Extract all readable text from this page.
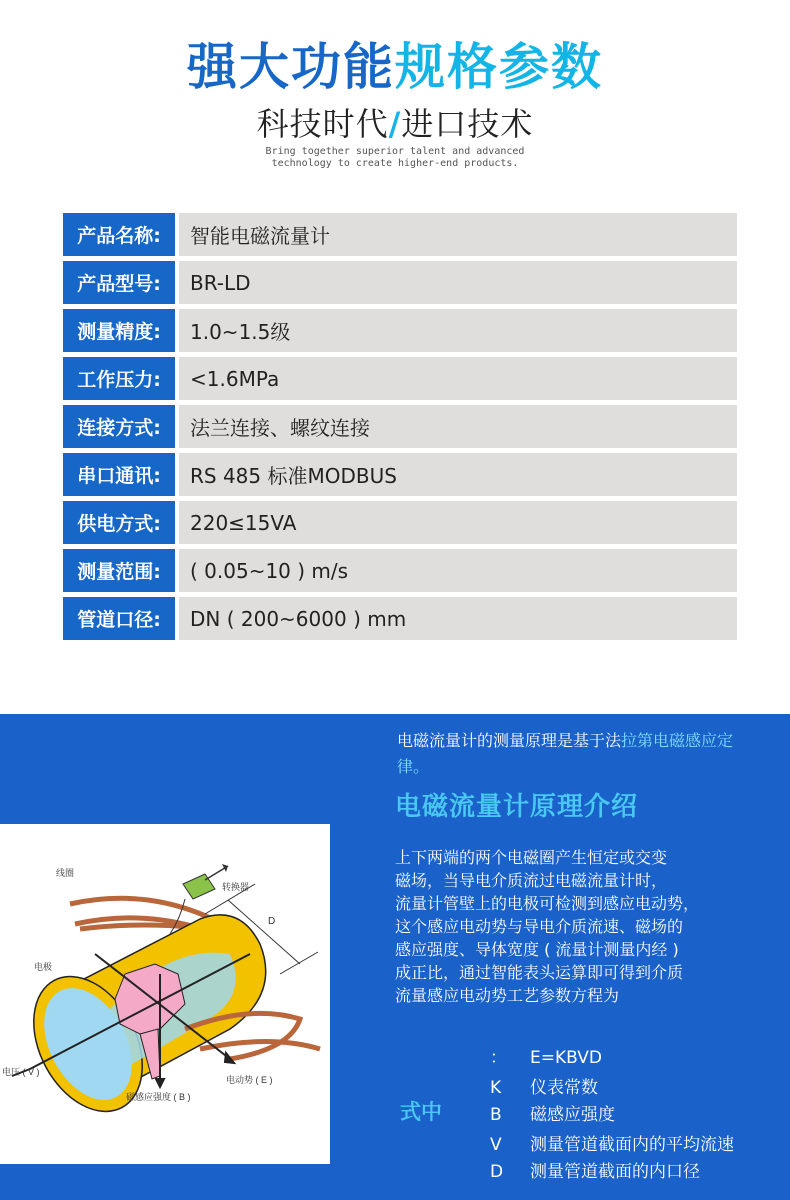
强大功能规格参数
科技时代/进口技术
Bring together superior talent and advanced
technology to create higher-end products.
产品名称:	智能电磁流量计
产品型号:	BR-LD
测量精度:	1.0~1.5级
工作压力:	<1.6MPa
连接方式:	法兰连接、螺纹连接
串口通讯:	RS 485 标准MODBUS
供电方式:	220≤15VA
测量范围:	( 0.05~10 ) m/s
管道口径:	DN ( 200~6000 ) mm
线圈
转换器
D
电极
电压 ( V )
电动势 ( E )
磁感应强度 ( B )
电磁流量计的测量原理是基于法拉第电磁感应定律。
电磁流量计原理介绍

上下两端的两个电磁圈产生恒定或交变

磁场，当导电介质流过电磁流量计时，

流量计管壁上的电极可检测到感应电动势，

这个感应电动势与导电介质流速、磁场的

感应强度、导体宽度 ( 流量计测量内经 )

成正比，通过智能表头运算即可得到介质

流量感应电动势工艺参数方程为

式中
： E=KBVD
K 仪表常数
B 磁感应强度
V 测量管道截面内的平均流速
D 测量管道截面的内口径
